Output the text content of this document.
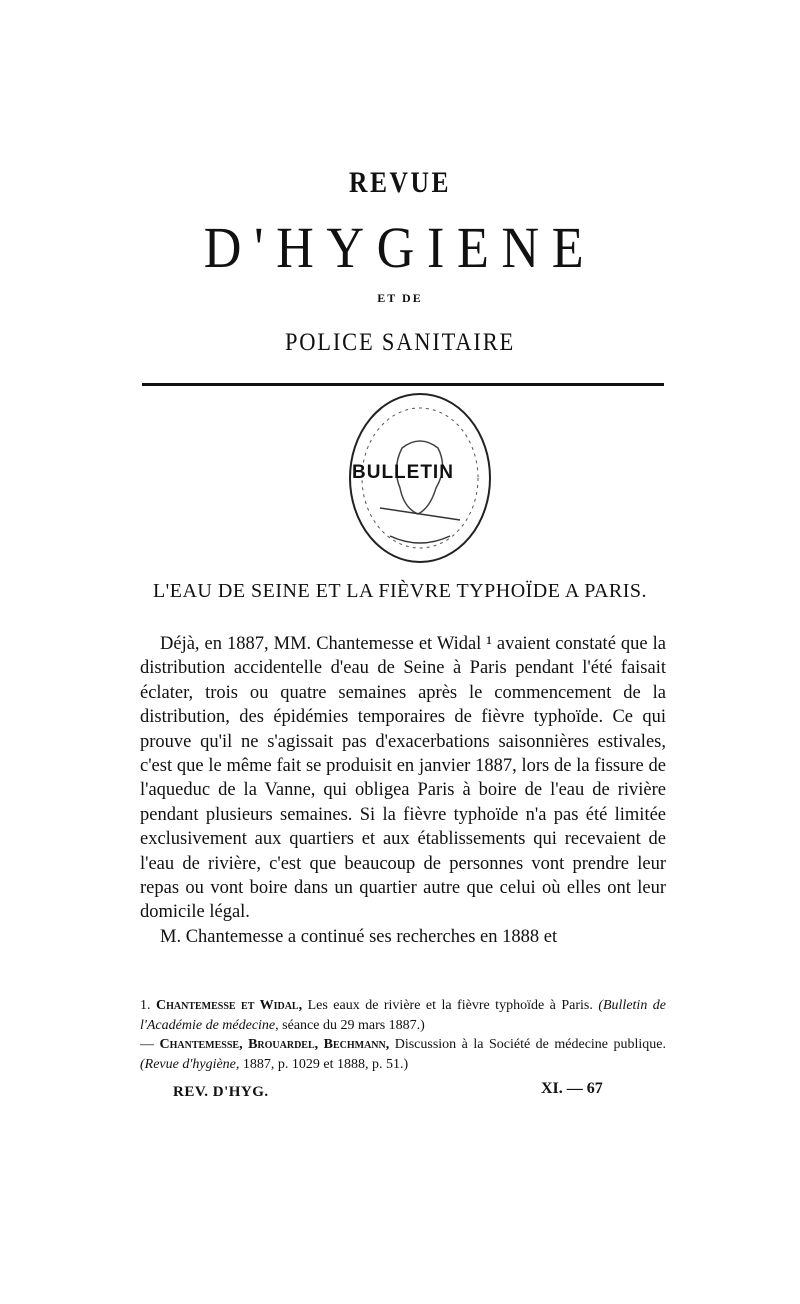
REVUE
D'HYGIENE
ET DE
POLICE SANITAIRE
BULLETIN
L'EAU DE SEINE ET LA FIÈVRE TYPHOÏDE A PARIS.

Déjà, en 1887, MM. Chantemesse et Widal ¹ avaient constaté que la distribution accidentelle d'eau de Seine à Paris pendant l'été faisait éclater, trois ou quatre semaines après le commencement de la distribution, des épidémies temporaires de fièvre typhoïde. Ce qui prouve qu'il ne s'agissait pas d'exacerbations saisonnières estivales, c'est que le même fait se produisit en janvier 1887, lors de la fissure de l'aqueduc de la Vanne, qui obligea Paris à boire de l'eau de rivière pendant plusieurs semaines. Si la fièvre typhoïde n'a pas été limitée exclusivement aux quartiers et aux établissements qui recevaient de l'eau de rivière, c'est que beaucoup de personnes vont prendre leur repas ou vont boire dans un quartier autre que celui où elles ont leur domicile légal.

M. Chantemesse a continué ses recherches en 1888 et

1. Chantemesse et Widal, Les eaux de rivière et la fièvre typhoïde à Paris. (Bulletin de l'Académie de médecine, séance du 29 mars 1887.)

— Chantemesse, Brouardel, Bechmann, Discussion à la Société de médecine publique. (Revue d'hygiène, 1887, p. 1029 et 1888, p. 51.)

REV. D'HYG.	XI. — 67
